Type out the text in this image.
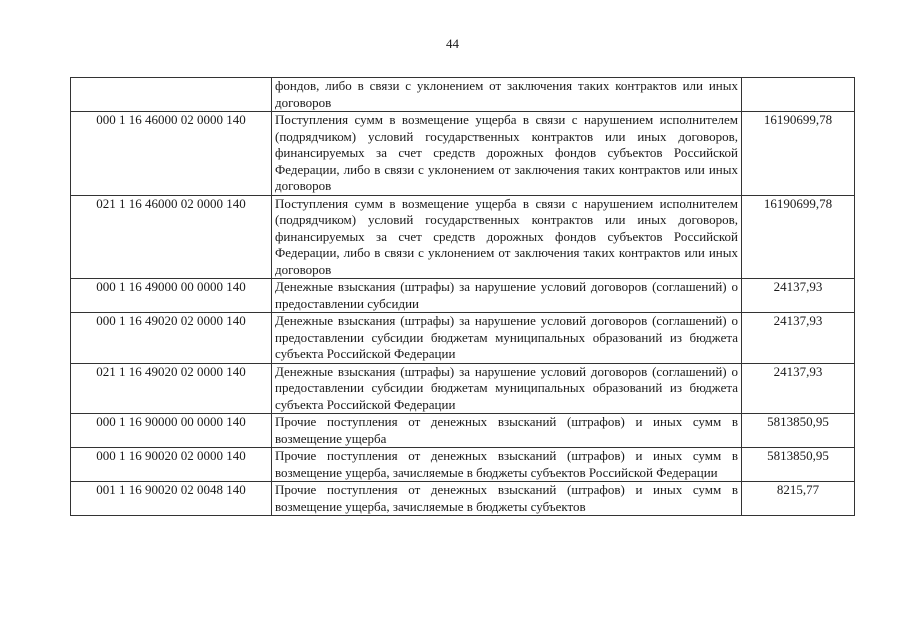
44
	фондов, либо в связи с уклонением от заключения таких контрактов или иных договоров	
000 1 16 46000 02 0000 140	Поступления сумм в возмещение ущерба в связи с нарушением исполнителем (подрядчиком) условий государственных контрактов или иных договоров, финансируемых за счет средств дорожных фондов субъектов Российской Федерации, либо в связи с уклонением от заключения таких контрактов или иных договоров	16190699,78
021 1 16 46000 02 0000 140	Поступления сумм в возмещение ущерба в связи с нарушением исполнителем (подрядчиком) условий государственных контрактов или иных договоров, финансируемых за счет средств дорожных фондов субъектов Российской Федерации, либо в связи с уклонением от заключения таких контрактов или иных договоров	16190699,78
000 1 16 49000 00 0000 140	Денежные взыскания (штрафы) за нарушение условий договоров (соглашений) о предоставлении субсидии	24137,93
000 1 16 49020 02 0000 140	Денежные взыскания (штрафы) за нарушение условий договоров (соглашений) о предоставлении субсидии бюджетам муниципальных образований из бюджета субъекта Российской Федерации	24137,93
021 1 16 49020 02 0000 140	Денежные взыскания (штрафы) за нарушение условий договоров (соглашений) о предоставлении субсидии бюджетам муниципальных образований из бюджета субъекта Российской Федерации	24137,93
000 1 16 90000 00 0000 140	Прочие поступления от денежных взысканий (штрафов) и иных сумм в возмещение ущерба	5813850,95
000 1 16 90020 02 0000 140	Прочие поступления от денежных взысканий (штрафов) и иных сумм в возмещение ущерба, зачисляемые в бюджеты субъектов Российской Федерации	5813850,95
001 1 16 90020 02 0048 140	Прочие поступления от денежных взысканий (штрафов) и иных сумм в возмещение ущерба, зачисляемые в бюджеты субъектов	8215,77
